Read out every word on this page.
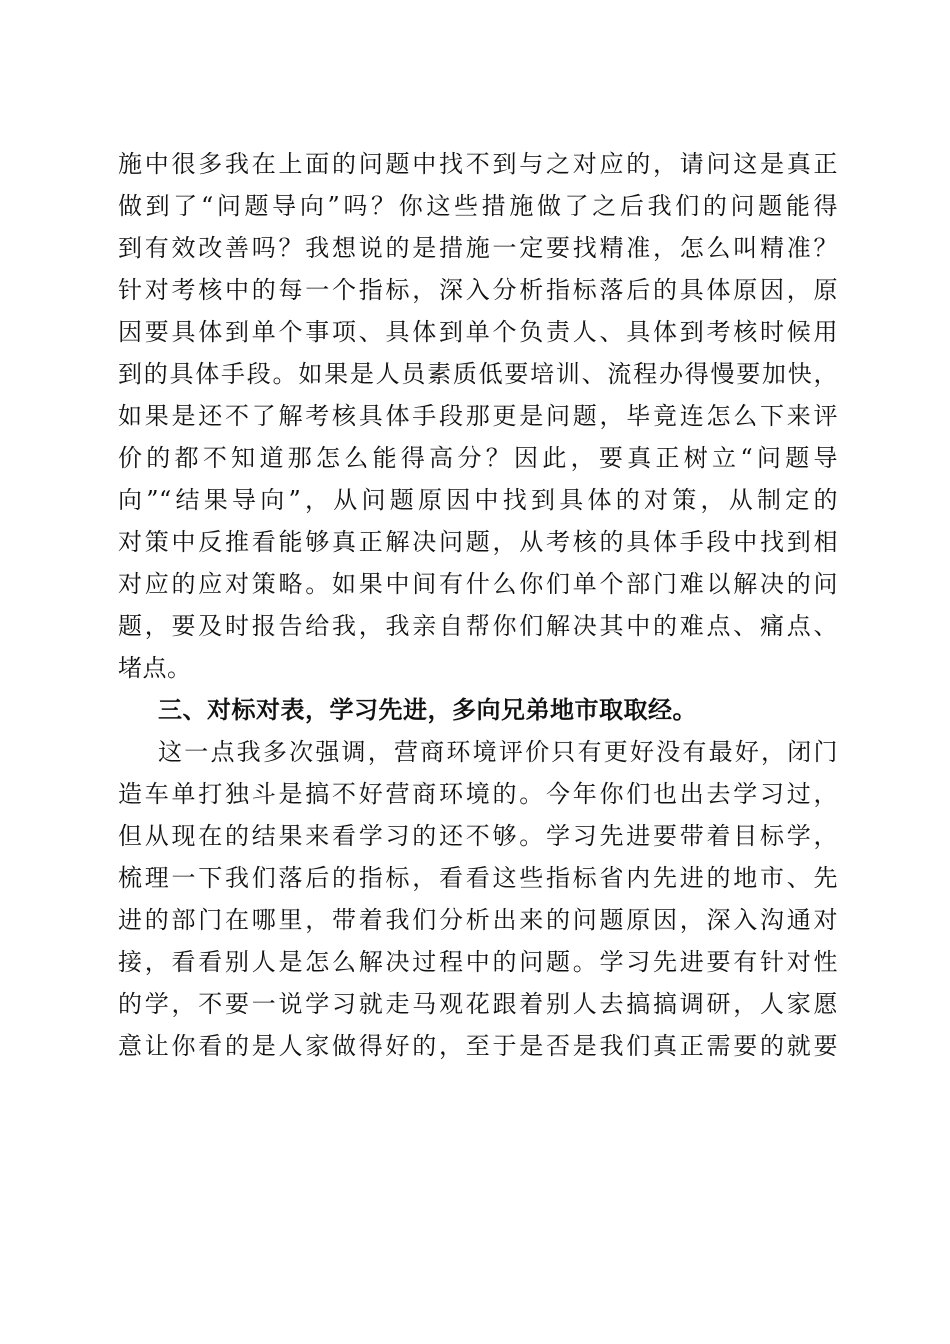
施中很多我在上面的问题中找不到与之对应的，请问这是真正
做到了“问题导向”吗？你这些措施做了之后我们的问题能得
到有效改善吗？我想说的是措施一定要找精准，怎么叫精准？
针对考核中的每一个指标，深入分析指标落后的具体原因，原
因要具体到单个事项、具体到单个负责人、具体到考核时候用
到的具体手段。如果是人员素质低要培训、流程办得慢要加快，
如果是还不了解考核具体手段那更是问题，毕竟连怎么下来评
价的都不知道那怎么能得高分？因此，要真正树立“问题导
向”“结果导向”，从问题原因中找到具体的对策，从制定的
对策中反推看能够真正解决问题，从考核的具体手段中找到相
对应的应对策略。如果中间有什么你们单个部门难以解决的问
题，要及时报告给我，我亲自帮你们解决其中的难点、痛点、
堵点。
三、对标对表，学习先进，多向兄弟地市取取经。
这一点我多次强调，营商环境评价只有更好没有最好，闭门
造车单打独斗是搞不好营商环境的。今年你们也出去学习过，
但从现在的结果来看学习的还不够。学习先进要带着目标学，
梳理一下我们落后的指标，看看这些指标省内先进的地市、先
进的部门在哪里，带着我们分析出来的问题原因，深入沟通对
接，看看别人是怎么解决过程中的问题。学习先进要有针对性
的学，不要一说学习就走马观花跟着别人去搞搞调研，人家愿
意让你看的是人家做得好的，至于是否是我们真正需要的就要
